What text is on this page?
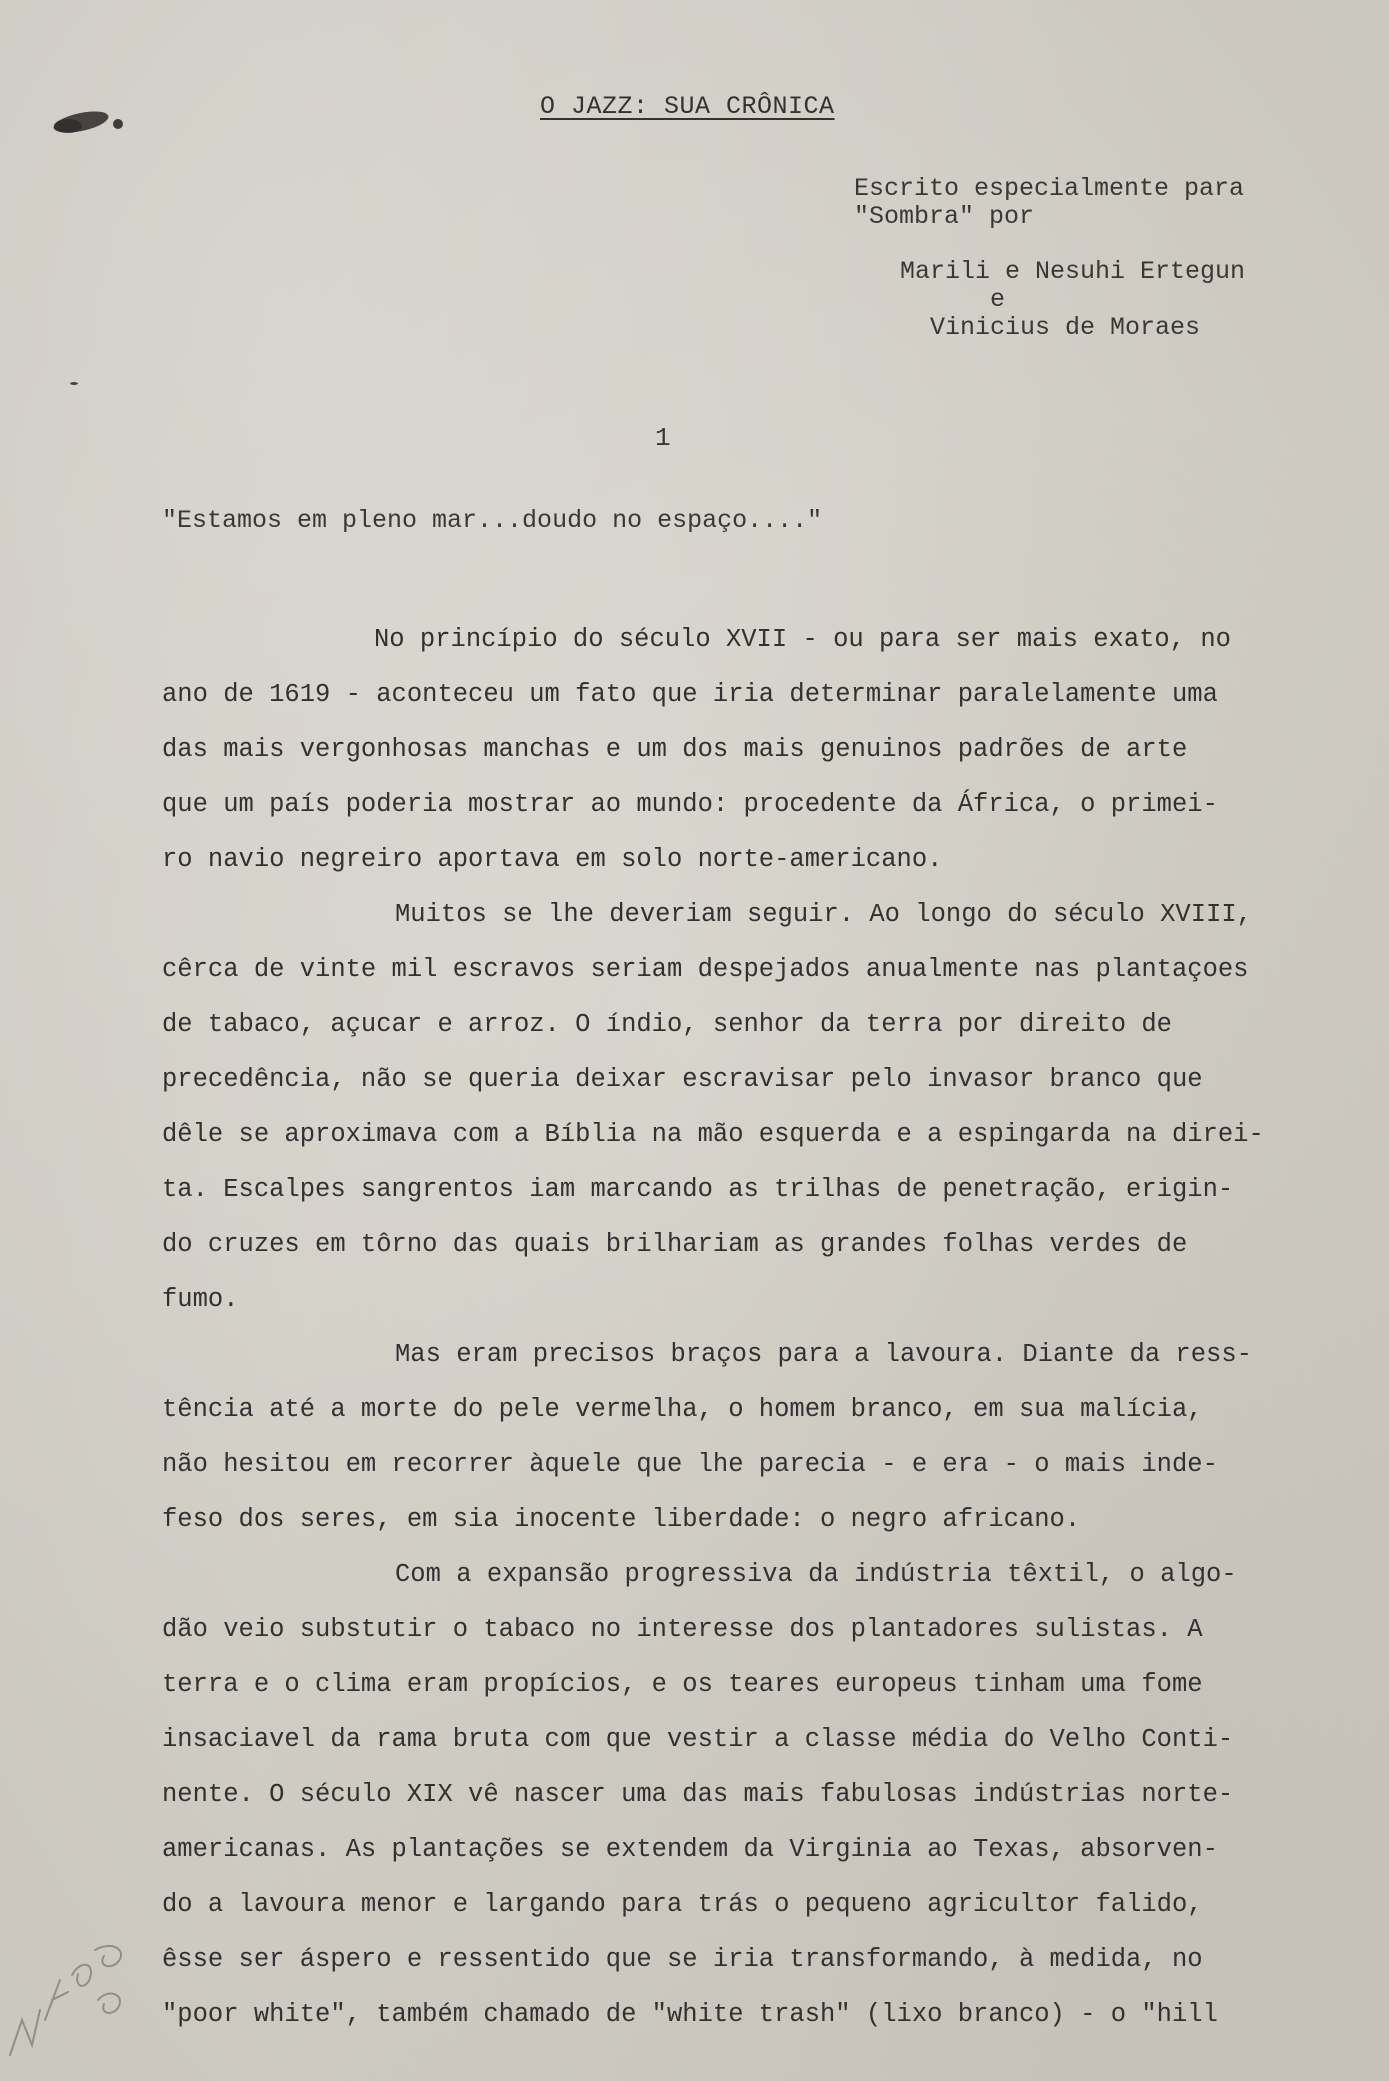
O JAZZ: SUA CRÔNICA
Escrito especialmente para
"Sombra" por
Marili e Nesuhi Ertegun
e
Vinicius de Moraes
1
"Estamos em pleno mar...doudo no espaço...."
No princípio do século XVII - ou para ser mais exato, no
ano de 1619 - aconteceu um fato que iria determinar paralelamente uma
das mais vergonhosas manchas e um dos mais genuinos padrões de arte
que um país poderia mostrar ao mundo: procedente da África, o primei-
ro navio negreiro aportava em solo norte-americano.
Muitos se lhe deveriam seguir. Ao longo do século XVIII,
cêrca de vinte mil escravos seriam despejados anualmente nas plantaçoes
de tabaco, açucar e arroz. O índio, senhor da terra por direito de
precedência, não se queria deixar escravisar pelo invasor branco que
dêle se aproximava com a Bíblia na mão esquerda e a espingarda na direi-
ta. Escalpes sangrentos iam marcando as trilhas de penetração, erigin-
do cruzes em tôrno das quais brilhariam as grandes folhas verdes de
fumo.
Mas eram precisos braços para a lavoura. Diante da ress-
tência até a morte do pele vermelha, o homem branco, em sua malícia,
não hesitou em recorrer àquele que lhe parecia - e era - o mais inde-
feso dos seres, em sia inocente liberdade: o negro africano.
Com a expansão progressiva da indústria têxtil, o algo-
dão veio substutir o tabaco no interesse dos plantadores sulistas. A
terra e o clima eram propícios, e os teares europeus tinham uma fome
insaciavel da rama bruta com que vestir a classe média do Velho Conti-
nente. O século XIX vê nascer uma das mais fabulosas indústrias norte-
americanas. As plantações se extendem da Virginia ao Texas, absorven-
do a lavoura menor e largando para trás o pequeno agricultor falido,
êsse ser áspero e ressentido que se iria transformando, à medida, no
"poor white", também chamado de "white trash" (lixo branco) - o "hill
